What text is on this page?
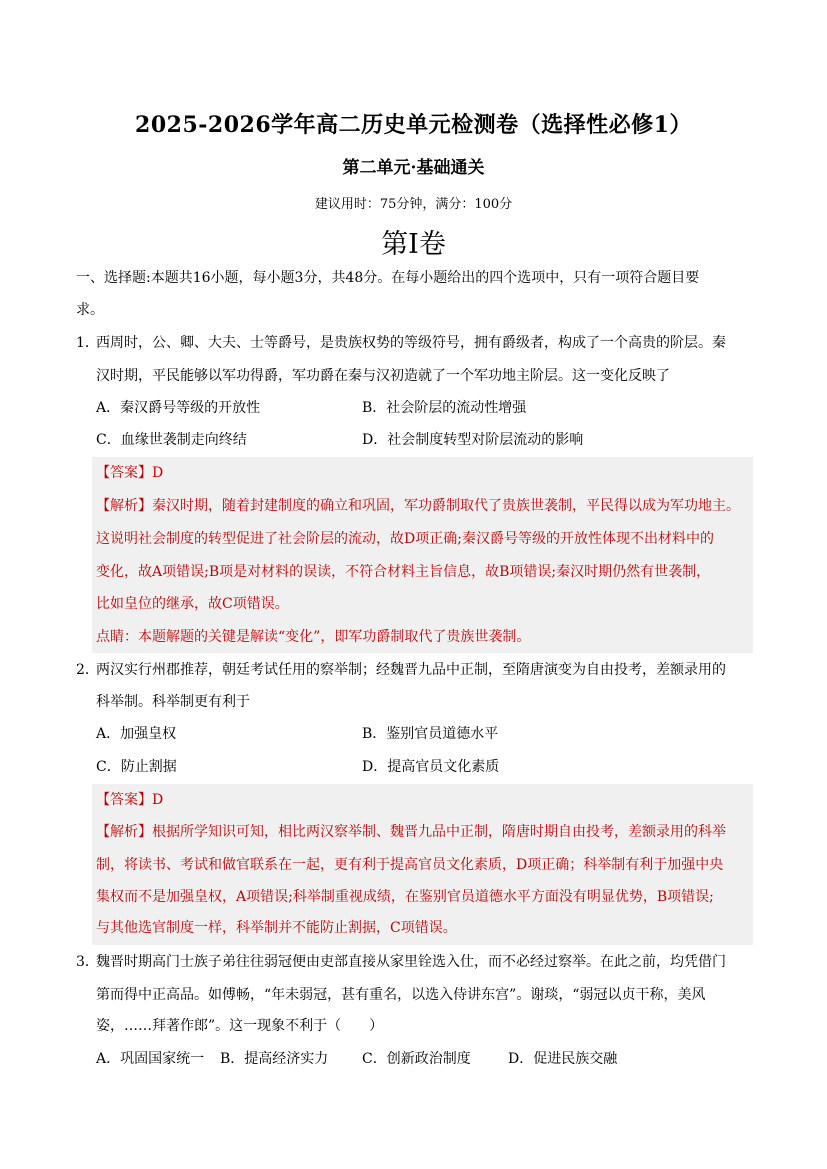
2025-2026学年高二历史单元检测卷（选择性必修1）
第二单元·基础通关
建议用时：75分钟，满分：100分
第Ⅰ卷
一、选择题:本题共16小题，每小题3分，共48分。在每小题给出的四个选项中，只有一项符合题目要
求。
1．
西周时，公、卿、大夫、士等爵号，是贵族权势的等级符号，拥有爵级者，构成了一个高贵的阶层。秦
汉时期，平民能够以军功得爵，军功爵在秦与汉初造就了一个军功地主阶层。这一变化反映了
A．秦汉爵号等级的开放性	B．社会阶层的流动性增强
C．血缘世袭制走向终结	D．社会制度转型对阶层流动的影响
【答案】D
【解析】秦汉时期，随着封建制度的确立和巩固，军功爵制取代了贵族世袭制，平民得以成为军功地主。
这说明社会制度的转型促进了社会阶层的流动，故D项正确;秦汉爵号等级的开放性体现不出材料中的
变化，故A项错误;B项是对材料的误读，不符合材料主旨信息，故B项错误;秦汉时期仍然有世袭制，
比如皇位的继承，故C项错误。
点睛：本题解题的关键是解读“变化”，即军功爵制取代了贵族世袭制。
2．
两汉实行州郡推荐，朝廷考试任用的察举制；经魏晋九品中正制，至隋唐演变为自由投考，差额录用的
科举制。科举制更有利于
A．加强皇权	B．鉴别官员道德水平
C．防止割据	D．提高官员文化素质
【答案】D
【解析】根据所学知识可知，相比两汉察举制、魏晋九品中正制，隋唐时期自由投考，差额录用的科举
制，将读书、考试和做官联系在一起，更有利于提高官员文化素质，D项正确；科举制有利于加强中央
集权而不是加强皇权，A项错误;科举制重视成绩，在鉴别官员道德水平方面没有明显优势，B项错误;
与其他选官制度一样，科举制并不能防止割据，C项错误。
3．
魏晋时期高门士族子弟往往弱冠便由吏部直接从家里铨选入仕，而不必经过察举。在此之前，均凭借门
第而得中正高品。如傅畅，“年未弱冠，甚有重名，以选入侍讲东宫”。谢琰，“弱冠以贞干称，美风
姿，……拜著作郎”。这一现象不利于（　　）
A．巩固国家统一 B．提高经济实力 C．创新政治制度	D．促进民族交融
